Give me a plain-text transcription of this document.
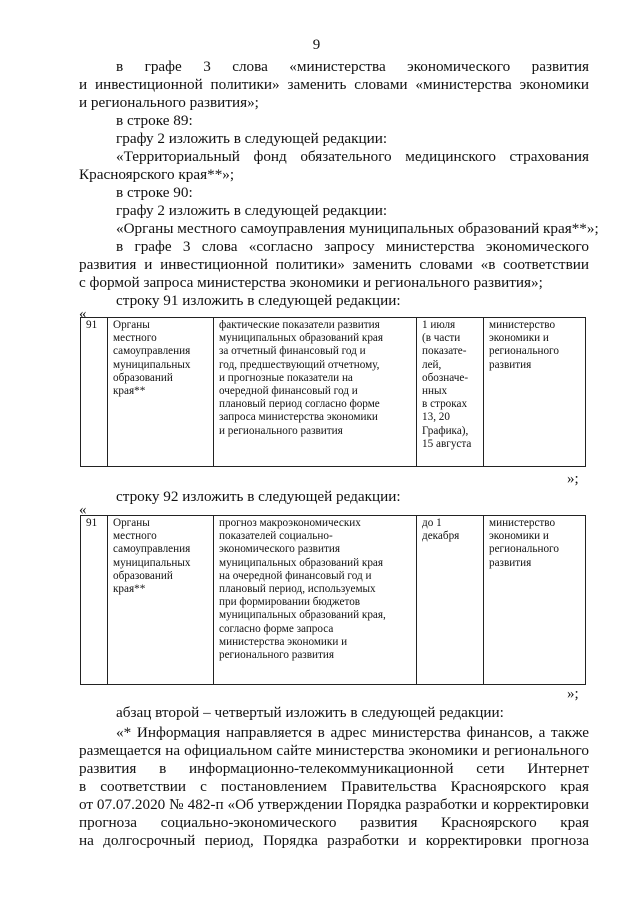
9
в графе 3 слова «министерства экономического развития
и инвестиционной политики» заменить словами «министерства экономики
и регионального развития»;
в строке 89:
графу 2 изложить в следующей редакции:
«Территориальный фонд обязательного медицинского страхования
Красноярского края**»;
в строке 90:
графу 2 изложить в следующей редакции:
«Органы местного самоуправления муниципальных образований края**»;
в графе 3 слова «согласно запросу министерства экономического
развития и инвестиционной политики» заменить словами «в соответствии
с формой запроса министерства экономики и регионального развития»;
строку 91 изложить в следующей редакции:
«
91	Органы
местного
самоуправления
муниципальных
образований
края**	фактические показатели развития
муниципальных образований края
за отчетный финансовый год и
год, предшествующий отчетному,
и прогнозные показатели на
очередной финансовый год и
плановый период согласно форме
запроса министерства экономики
и регионального развития	1 июля
(в части
показате-
лей,
обозначе-
нных
в строках
13, 20
Графика),
15 августа	министерство
экономики и
регионального
развития
»;
строку 92 изложить в следующей редакции:
«
91	Органы
местного
самоуправления
муниципальных
образований
края**	прогноз макроэкономических
показателей социально-
экономического развития
муниципальных образований края
на очередной финансовый год и
плановый период, используемых
при формировании бюджетов
муниципальных образований края,
согласно форме запроса
министерства экономики и
регионального развития	до 1
декабря	министерство
экономики и
регионального
развития
»;
абзац второй – четвертый изложить в следующей редакции:
«* Информация направляется в адрес министерства финансов, а также
размещается на официальном сайте министерства экономики и регионального
развития в информационно-телекоммуникационной сети Интернет
в соответствии с постановлением Правительства Красноярского края
от 07.07.2020 № 482-п «Об утверждении Порядка разработки и корректировки
прогноза социально-экономического развития Красноярского края
на долгосрочный период, Порядка разработки и корректировки прогноза
